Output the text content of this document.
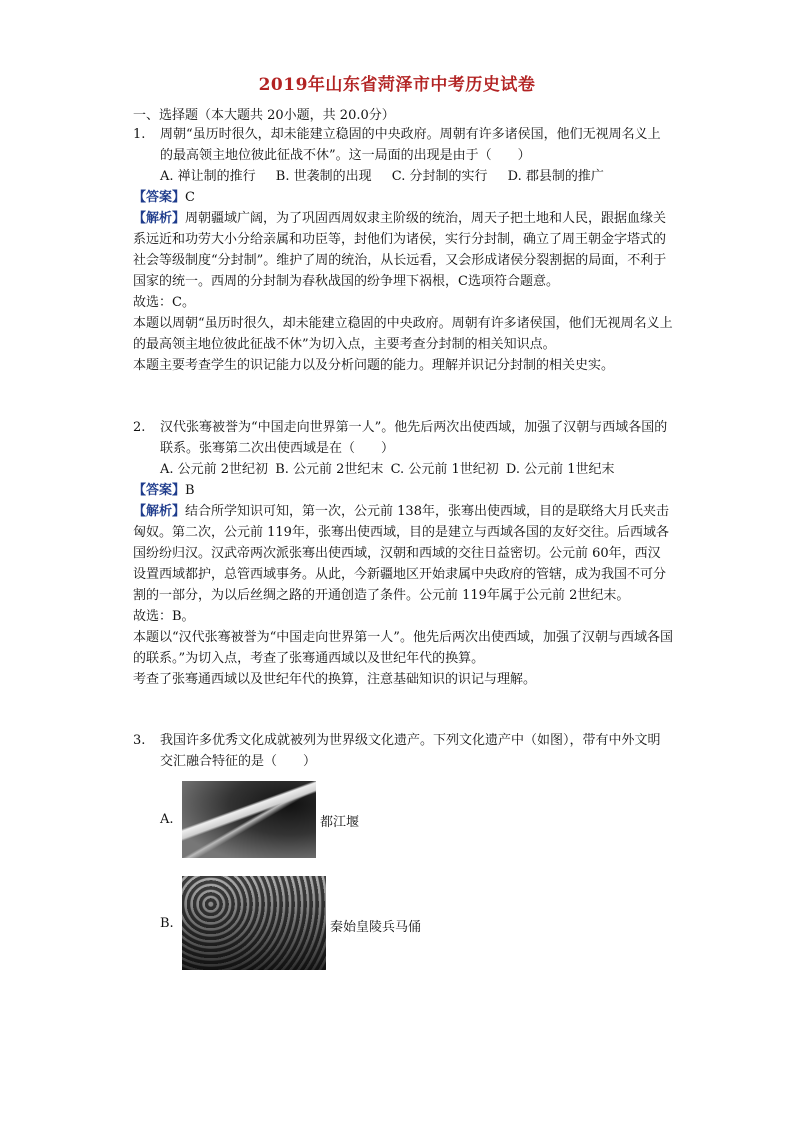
2019年山东省菏泽市中考历史试卷
一、选择题（本大题共 20小题，共 20.0分）
1.	周朝“虽历时很久，却未能建立稳固的中央政府。周朝有许多诸侯国，他们无视周名义上的最高领主地位彼此征战不休”。这一局面的出现是由于（　　）
A. 禅让制的推行 B. 世袭制的出现 C. 分封制的实行 D. 郡县制的推广
【答案】C
【解析】周朝疆域广阔，为了巩固西周奴隶主阶级的统治，周天子把土地和人民，跟据血缘关系远近和功劳大小分给亲属和功臣等，封他们为诸侯，实行分封制，确立了周王朝金字塔式的社会等级制度“分封制”。维护了周的统治，从长远看，又会形成诸侯分裂割据的局面，不利于国家的统一。西周的分封制为春秋战国的纷争埋下祸根，C选项符合题意。
故选：C。
本题以周朝“虽历时很久，却未能建立稳固的中央政府。周朝有许多诸侯国，他们无视周名义上的最高领主地位彼此征战不休”为切入点，主要考查分封制的相关知识点。
本题主要考查学生的识记能力以及分析问题的能力。理解并识记分封制的相关史实。
2.	汉代张骞被誉为“中国走向世界第一人”。他先后两次出使西域，加强了汉朝与西域各国的联系。张骞第二次出使西域是在（　　）
A. 公元前 2世纪初 B. 公元前 2世纪末 C. 公元前 1世纪初 D. 公元前 1世纪末
【答案】B
【解析】结合所学知识可知，第一次，公元前 138年，张骞出使西域，目的是联络大月氏夹击匈奴。第二次，公元前 119年，张骞出使西域，目的是建立与西域各国的友好交往。后西域各国纷纷归汉。汉武帝两次派张骞出使西域，汉朝和西域的交往日益密切。公元前 60年，西汉设置西域都护，总管西域事务。从此，今新疆地区开始隶属中央政府的管辖，成为我国不可分割的一部分，为以后丝绸之路的开通创造了条件。公元前 119年属于公元前 2世纪末。
故选：B。
本题以“汉代张骞被誉为“中国走向世界第一人”。他先后两次出使西域，加强了汉朝与西域各国的联系。”为切入点，考查了张骞通西域以及世纪年代的换算。
考查了张骞通西域以及世纪年代的换算，注意基础知识的识记与理解。
3.	我国许多优秀文化成就被列为世界级文化遗产。下列文化遗产中（如图），带有中外文明交汇融合特征的是（　　）
A.	都江堰
B.	秦始皇陵兵马俑
